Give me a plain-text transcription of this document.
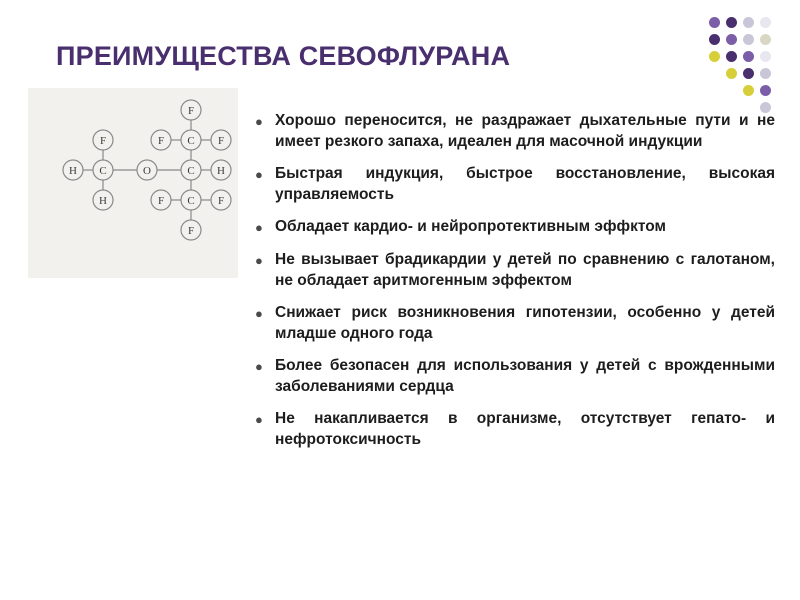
ПРЕИМУЩЕСТВА СЕВОФЛУРАНА
F
F C F
F
H C	O	C H
H	F C F
F
● Хорошо переносится, не раздражает дыхательные пути и не имеет резкого запаха, идеален для масочной индукции
● Быстрая индукция, быстрое восстановление, высокая управляемость
● Обладает кардио- и нейропротективным эффктом
● Не вызывает брадикардии у детей по сравнению с галотаном, не обладает аритмогенным эффектом
● Снижает риск возникновения гипотензии, особенно у детей младше одного года
● Более безопасен для использования у детей с врожденными заболеваниями сердца
● Не накапливается в организме, отсутствует гепато- и нефротоксичность
